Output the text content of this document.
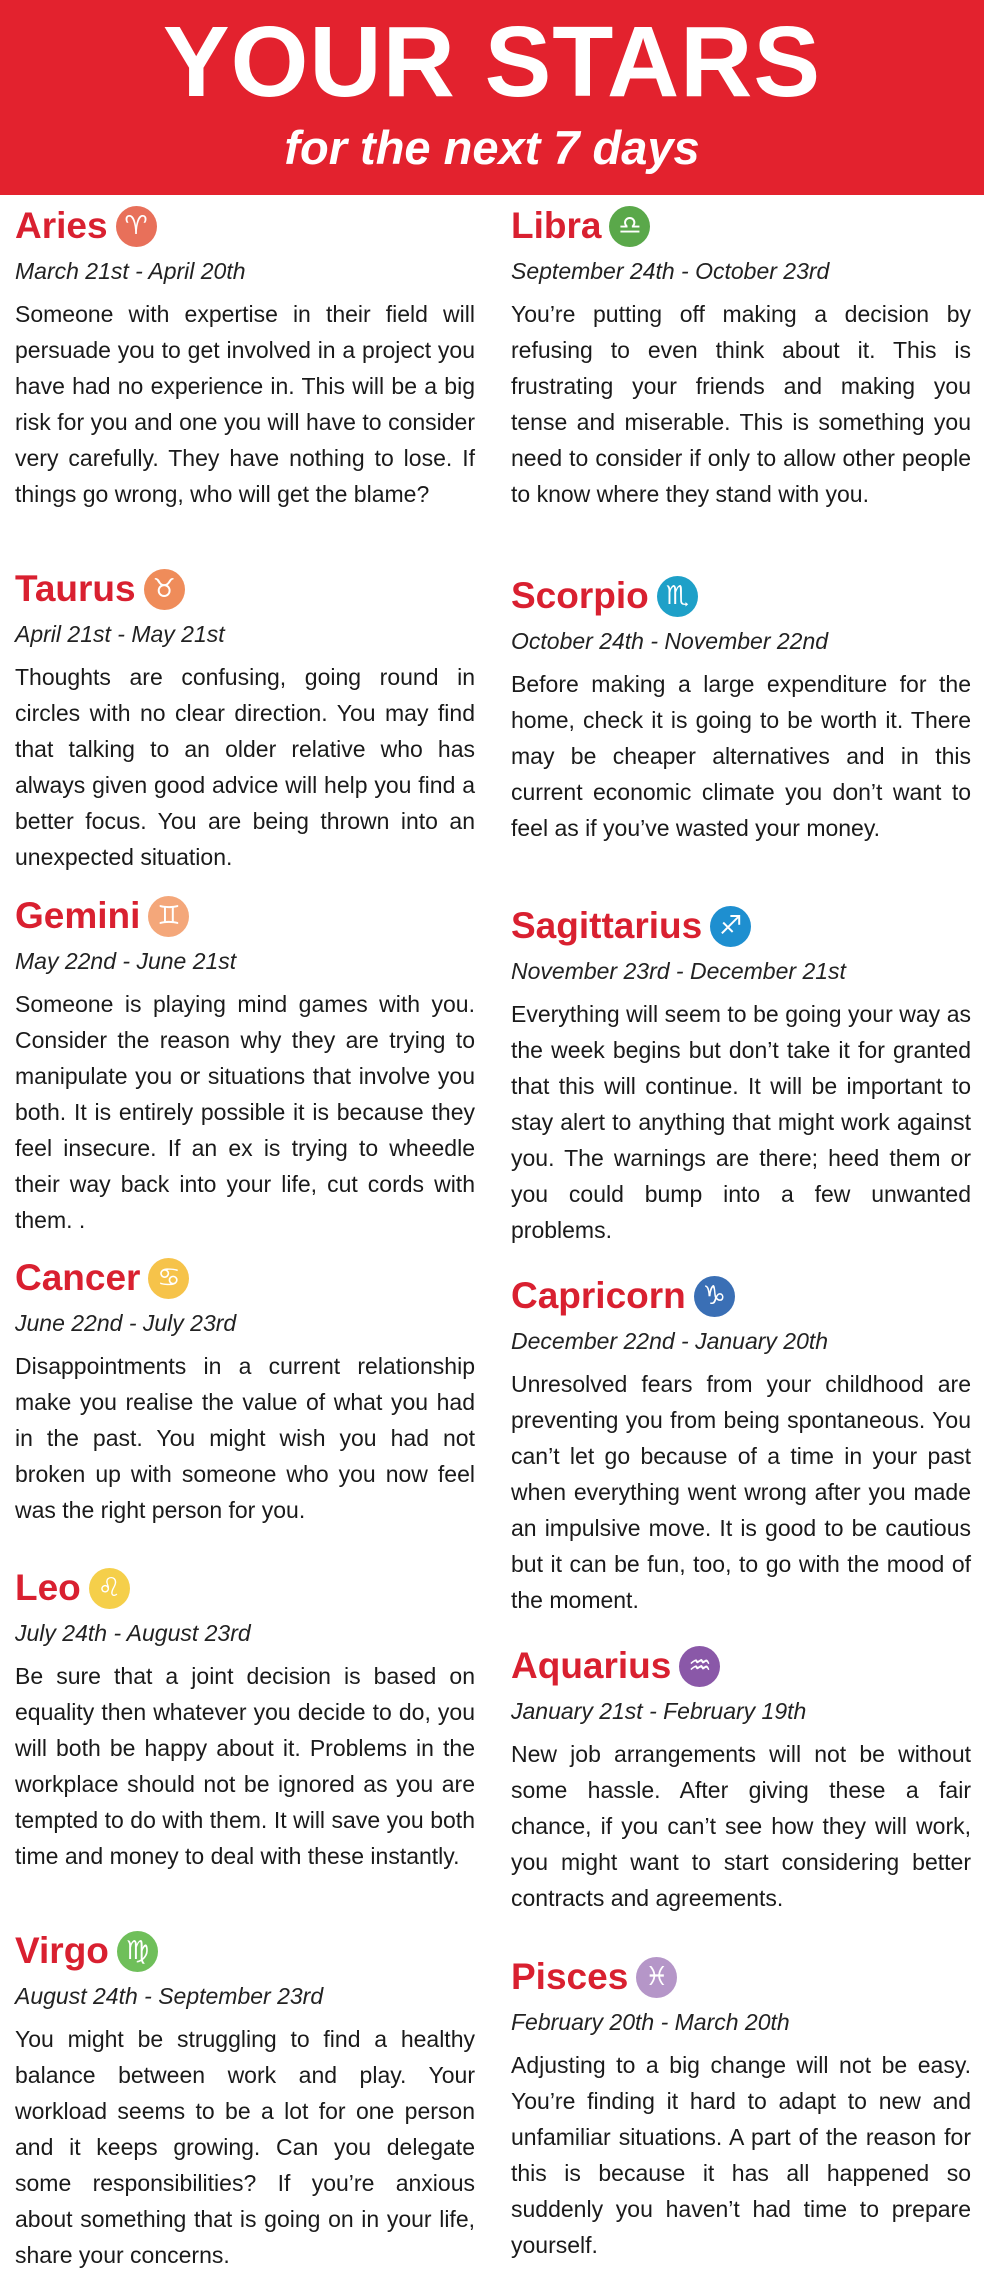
YOUR STARS
for the next 7 days
Aries ♈
March 21st - April 20th
Someone with expertise in their field will persuade you to get involved in a project you have had no experience in. This will be a big risk for you and one you will have to consider very carefully. They have nothing to lose. If things go wrong, who will get the blame?
Taurus ♉
April 21st - May 21st
Thoughts are confusing, going round in circles with no clear direction. You may find that talking to an older relative who has always given good advice will help you find a better focus. You are being thrown into an unexpected situation.
Gemini ♊
May 22nd - June 21st
Someone is playing mind games with you. Consider the reason why they are trying to manipulate you or situations that involve you both. It is entirely possible it is because they feel insecure. If an ex is trying to wheedle their way back into your life, cut cords with them. .
Cancer ♋
June 22nd - July 23rd
Disappointments in a current relationship make you realise the value of what you had in the past. You might wish you had not broken up with someone who you now feel was the right person for you.
Leo ♌
July 24th - August 23rd
Be sure that a joint decision is based on equality then whatever you decide to do, you will both be happy about it. Problems in the workplace should not be ignored as you are tempted to do with them. It will save you both time and money to deal with these instantly.
Virgo ♍
August 24th - September 23rd
You might be struggling to find a healthy balance between work and play. Your workload seems to be a lot for one person and it keeps growing. Can you delegate some responsibilities? If you’re anxious about something that is going on in your life, share your concerns.
Libra ♎
September 24th - October 23rd
You’re putting off making a decision by refusing to even think about it. This is frustrating your friends and making you tense and miserable. This is something you need to consider if only to allow other people to know where they stand with you.
Scorpio ♏
October 24th - November 22nd
Before making a large expenditure for the home, check it is going to be worth it. There may be cheaper alternatives and in this current economic climate you don’t want to feel as if you’ve wasted your money.
Sagittarius ♐
November 23rd - December 21st
Everything will seem to be going your way as the week begins but don’t take it for granted that this will continue. It will be important to stay alert to anything that might work against you. The warnings are there; heed them or you could bump into a few unwanted problems.
Capricorn ♑
December 22nd - January 20th
Unresolved fears from your childhood are preventing you from being spontaneous. You can’t let go because of a time in your past when everything went wrong after you made an impulsive move. It is good to be cautious but it can be fun, too, to go with the mood of the moment.
Aquarius ♒
January 21st - February 19th
New job arrangements will not be without some hassle. After giving these a fair chance, if you can’t see how they will work, you might want to start considering better contracts and agreements.
Pisces ♓
February 20th - March 20th
Adjusting to a big change will not be easy. You’re finding it hard to adapt to new and unfamiliar situations. A part of the reason for this is because it has all happened so suddenly you haven’t had time to prepare yourself.
